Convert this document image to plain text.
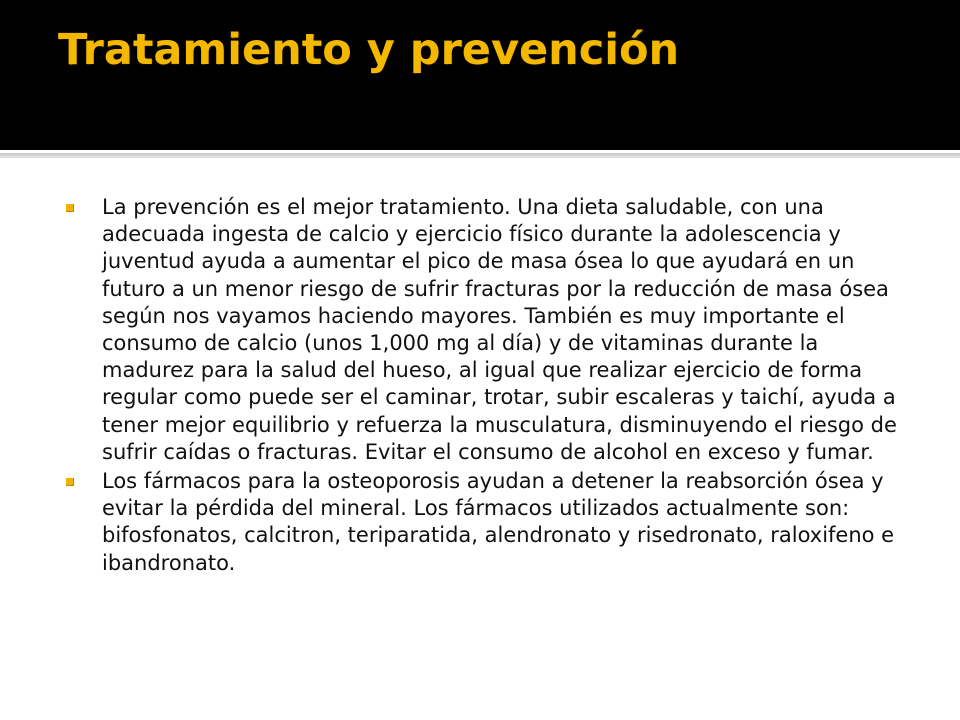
Tratamiento y prevención
La prevención es el mejor tratamiento. Una dieta saludable, con una adecuada ingesta de calcio y ejercicio físico durante la adolescencia y juventud ayuda a aumentar el pico de masa ósea lo que ayudará en un futuro a un menor riesgo de sufrir fracturas por la reducción de masa ósea según nos vayamos haciendo mayores. También es muy importante el consumo de calcio (unos 1,000 mg al día) y de vitaminas durante la madurez para la salud del hueso, al igual que realizar ejercicio de forma regular como puede ser el caminar, trotar, subir escaleras y taichí, ayuda a tener mejor equilibrio y refuerza la musculatura, disminuyendo el riesgo de sufrir caídas o fracturas. Evitar el consumo de alcohol en exceso y fumar.
Los fármacos para la osteoporosis ayudan a detener la reabsorción ósea y evitar la pérdida del mineral. Los fármacos utilizados actualmente son: bifosfonatos, calcitron, teriparatida, alendronato y risedronato, raloxifeno e ibandronato.
